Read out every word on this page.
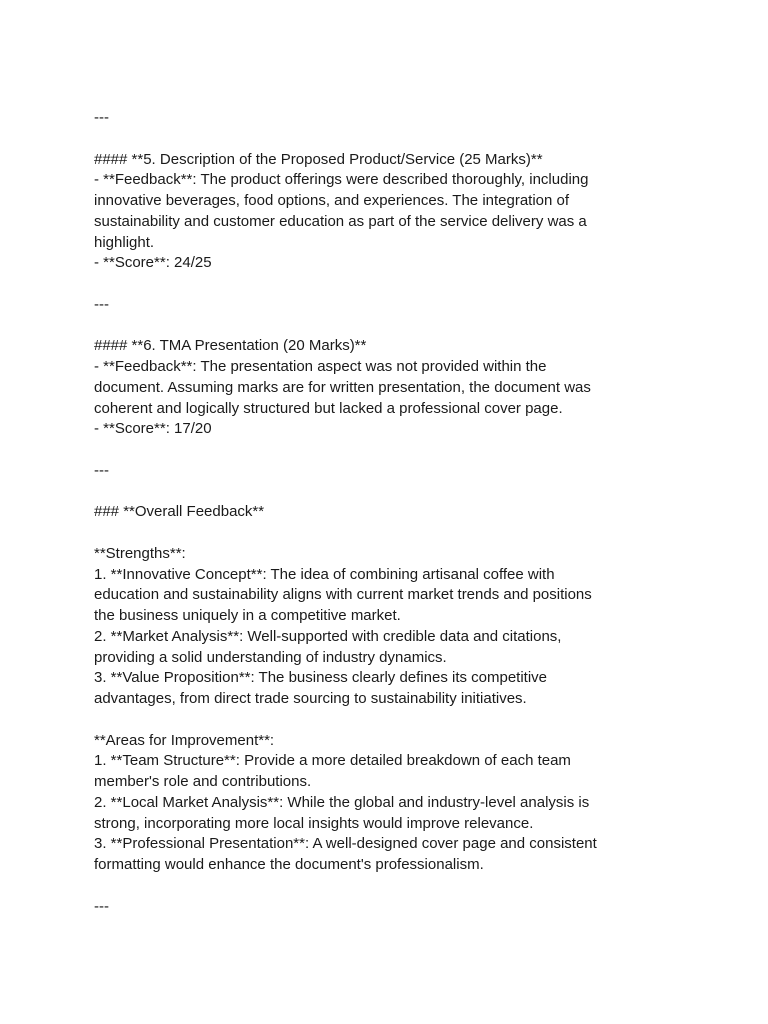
---
#### **5. Description of the Proposed Product/Service (25 Marks)**
- **Feedback**: The product offerings were described thoroughly, including
innovative beverages, food options, and experiences. The integration of
sustainability and customer education as part of the service delivery was a
highlight.
- **Score**: 24/25
---
#### **6. TMA Presentation (20 Marks)**
- **Feedback**: The presentation aspect was not provided within the
document. Assuming marks are for written presentation, the document was
coherent and logically structured but lacked a professional cover page.
- **Score**: 17/20
---
### **Overall Feedback**
**Strengths**:
1. **Innovative Concept**: The idea of combining artisanal coffee with
education and sustainability aligns with current market trends and positions
the business uniquely in a competitive market.
2. **Market Analysis**: Well-supported with credible data and citations,
providing a solid understanding of industry dynamics.
3. **Value Proposition**: The business clearly defines its competitive
advantages, from direct trade sourcing to sustainability initiatives.
**Areas for Improvement**:
1. **Team Structure**: Provide a more detailed breakdown of each team
member's role and contributions.
2. **Local Market Analysis**: While the global and industry-level analysis is
strong, incorporating more local insights would improve relevance.
3. **Professional Presentation**: A well-designed cover page and consistent
formatting would enhance the document's professionalism.
---
